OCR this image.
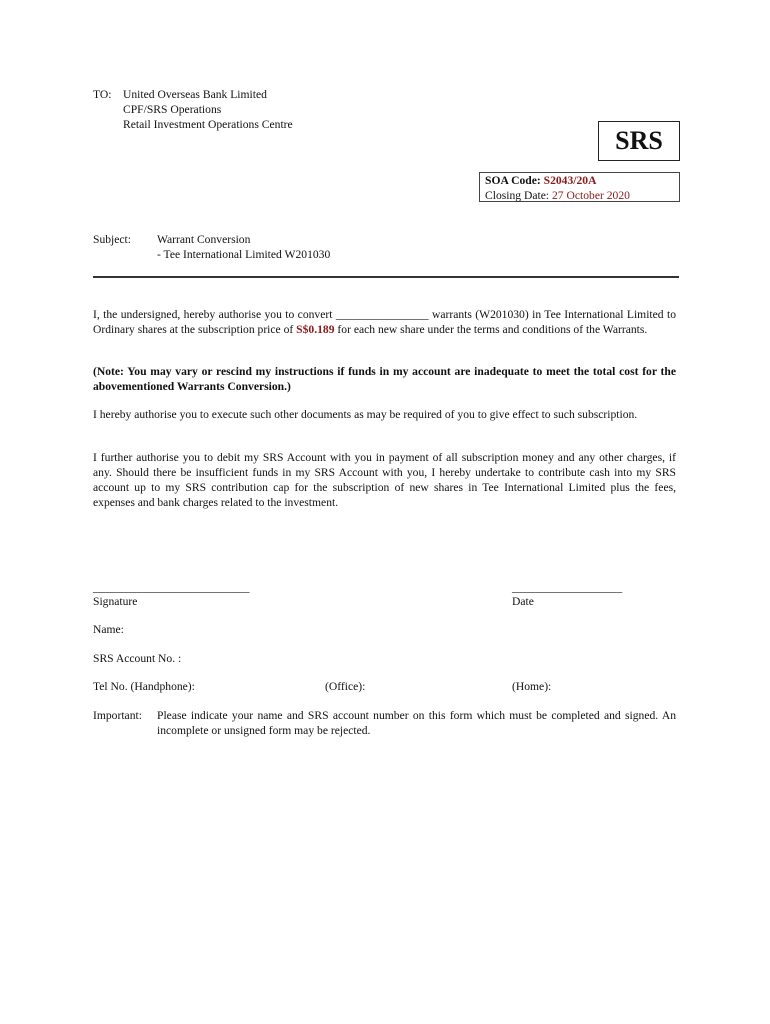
TO: United Overseas Bank Limited
CPF/SRS Operations
Retail Investment Operations Centre
SRS
SOA Code: S2043/20A
Closing Date: 27 October 2020
Subject: Warrant Conversion
- Tee International Limited W201030
I, the undersigned, hereby authorise you to convert ________________ warrants (W201030) in Tee International Limited to Ordinary shares at the subscription price of S$0.189 for each new share under the terms and conditions of the Warrants.
(Note: You may vary or rescind my instructions if funds in my account are inadequate to meet the total cost for the abovementioned Warrants Conversion.)
I hereby authorise you to execute such other documents as may be required of you to give effect to such subscription.
I further authorise you to debit my SRS Account with you in payment of all subscription money and any other charges, if any. Should there be insufficient funds in my SRS Account with you, I hereby undertake to contribute cash into my SRS account up to my SRS contribution cap for the subscription of new shares in Tee International Limited plus the fees, expenses and bank charges related to the investment.
___________________________
Signature
___________________
Date
Name:
SRS Account No. :
Tel No. (Handphone):	(Office):	(Home):
Important: Please indicate your name and SRS account number on this form which must be completed and signed. An incomplete or unsigned form may be rejected.
